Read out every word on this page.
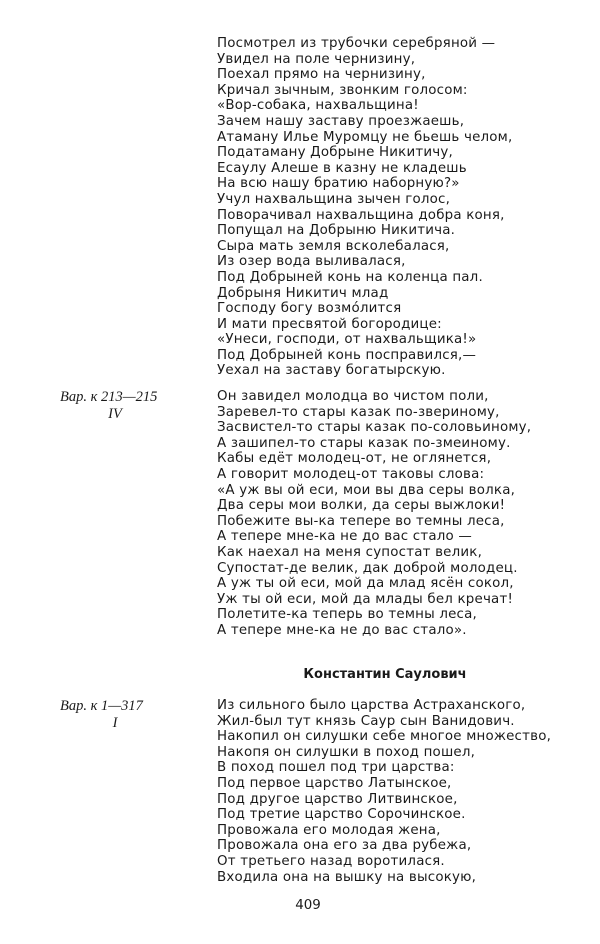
Посмотрел из трубочки серебряной —
Увидел на поле чернизину,
Поехал прямо на чернизину,
Кричал зычным, звонким голосом:
«Вор-собака, нахвальщина!
Зачем нашу заставу проезжаешь,
Атаману Илье Муромцу не бьешь челом,
Податаману Добрыне Никитичу,
Есаулу Алеше в казну не кладешь
На всю нашу братию наборную?»
Учул нахвальщина зычен голос,
Поворачивал нахвальщина добра коня,
Попущал на Добрыню Никитича.
Сыра мать земля всколебалася,
Из озер вода выливалася,
Под Добрыней конь на коленца пал.
Добрыня Никитич млад
Господу богу возмóлится
И мати пресвятой богородице:
«Унеси, господи, от нахвальщика!»
Под Добрыней конь посправился,—
Уехал на заставу богатырскую.
Вар. к 213—215
IV
Он завидел молодца во чистом поли,
Заревел-то стары казак по-звериному,
Засвистел-то стары казак по-соловьиному,
А зашипел-то стары казак по-змеиному.
Кабы едёт молодец-от, не оглянется,
А говорит молодец-от таковы слова:
«А уж вы ой еси, мои вы два серы волка,
Два серы мои волки, да серы выжлоки!
Побежите вы-ка тепере во темны леса,
А тепере мне-ка не до вас стало —
Как наехал на меня супостат велик,
Супостат-де велик, дак доброй молодец.
А уж ты ой еси, мой да млад ясён сокол,
Уж ты ой еси, мой да млады бел кречат!
Полетите-ка теперь во темны леса,
А тепере мне-ка не до вас стало».
Константин Саулович
Вар. к 1—317
I
Из сильного было царства Астраханского,
Жил-был тут князь Саур сын Ванидович.
Накопил он силушки себе многое множество,
Накопя он силушки в поход пошел,
В поход пошел под три царства:
Под первое царство Латынское,
Под другое царство Литвинское,
Под третие царство Сорочинское.
Провожала его молодая жена,
Провожала она его за два рубежа,
От третьего назад воротилася.
Входила она на вышку на высокую,
409
